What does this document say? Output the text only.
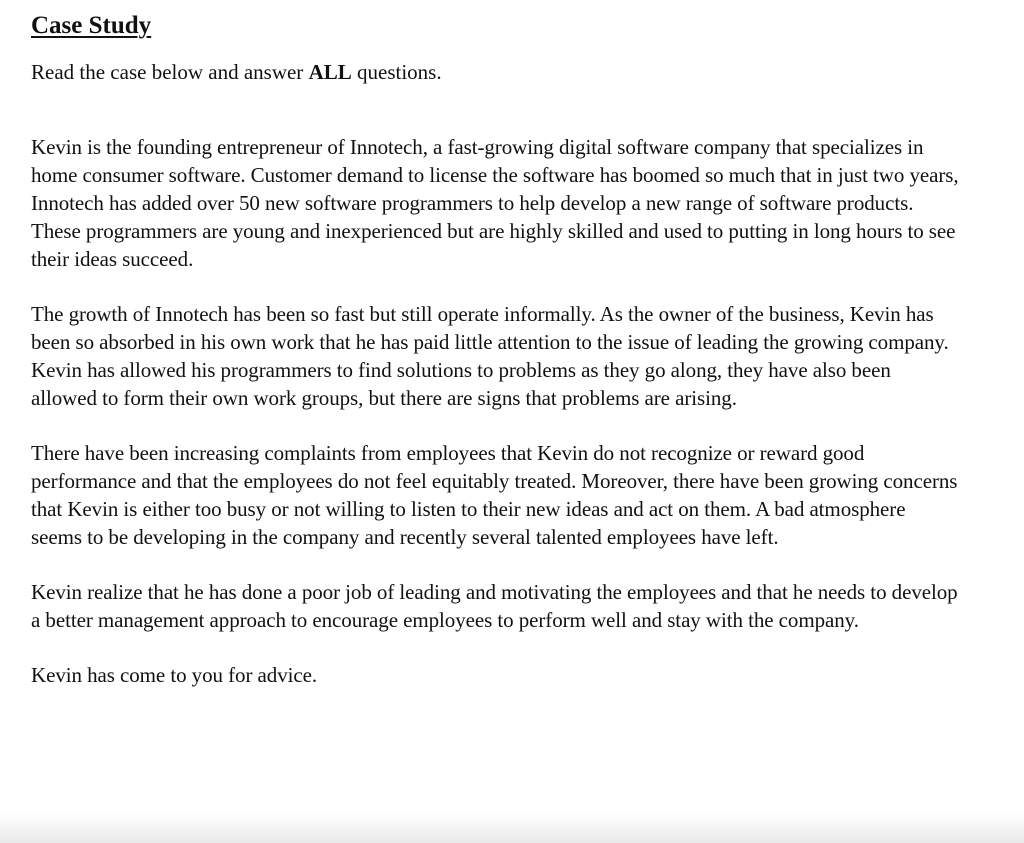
Case Study

Read the case below and answer ALL questions.

Kevin is the founding entrepreneur of Innotech, a fast-growing digital software company that specializes in home consumer software. Customer demand to license the software has boomed so much that in just two years, Innotech has added over 50 new software programmers to help develop a new range of software products. These programmers are young and inexperienced but are highly skilled and used to putting in long hours to see their ideas succeed.

The growth of Innotech has been so fast but still operate informally. As the owner of the business, Kevin has been so absorbed in his own work that he has paid little attention to the issue of leading the growing company. Kevin has allowed his programmers to find solutions to problems as they go along, they have also been allowed to form their own work groups, but there are signs that problems are arising.

There have been increasing complaints from employees that Kevin do not recognize or reward good performance and that the employees do not feel equitably treated. Moreover, there have been growing concerns that Kevin is either too busy or not willing to listen to their new ideas and act on them. A bad atmosphere seems to be developing in the company and recently several talented employees have left.

Kevin realize that he has done a poor job of leading and motivating the employees and that he needs to develop a better management approach to encourage employees to perform well and stay with the company.

Kevin has come to you for advice.
